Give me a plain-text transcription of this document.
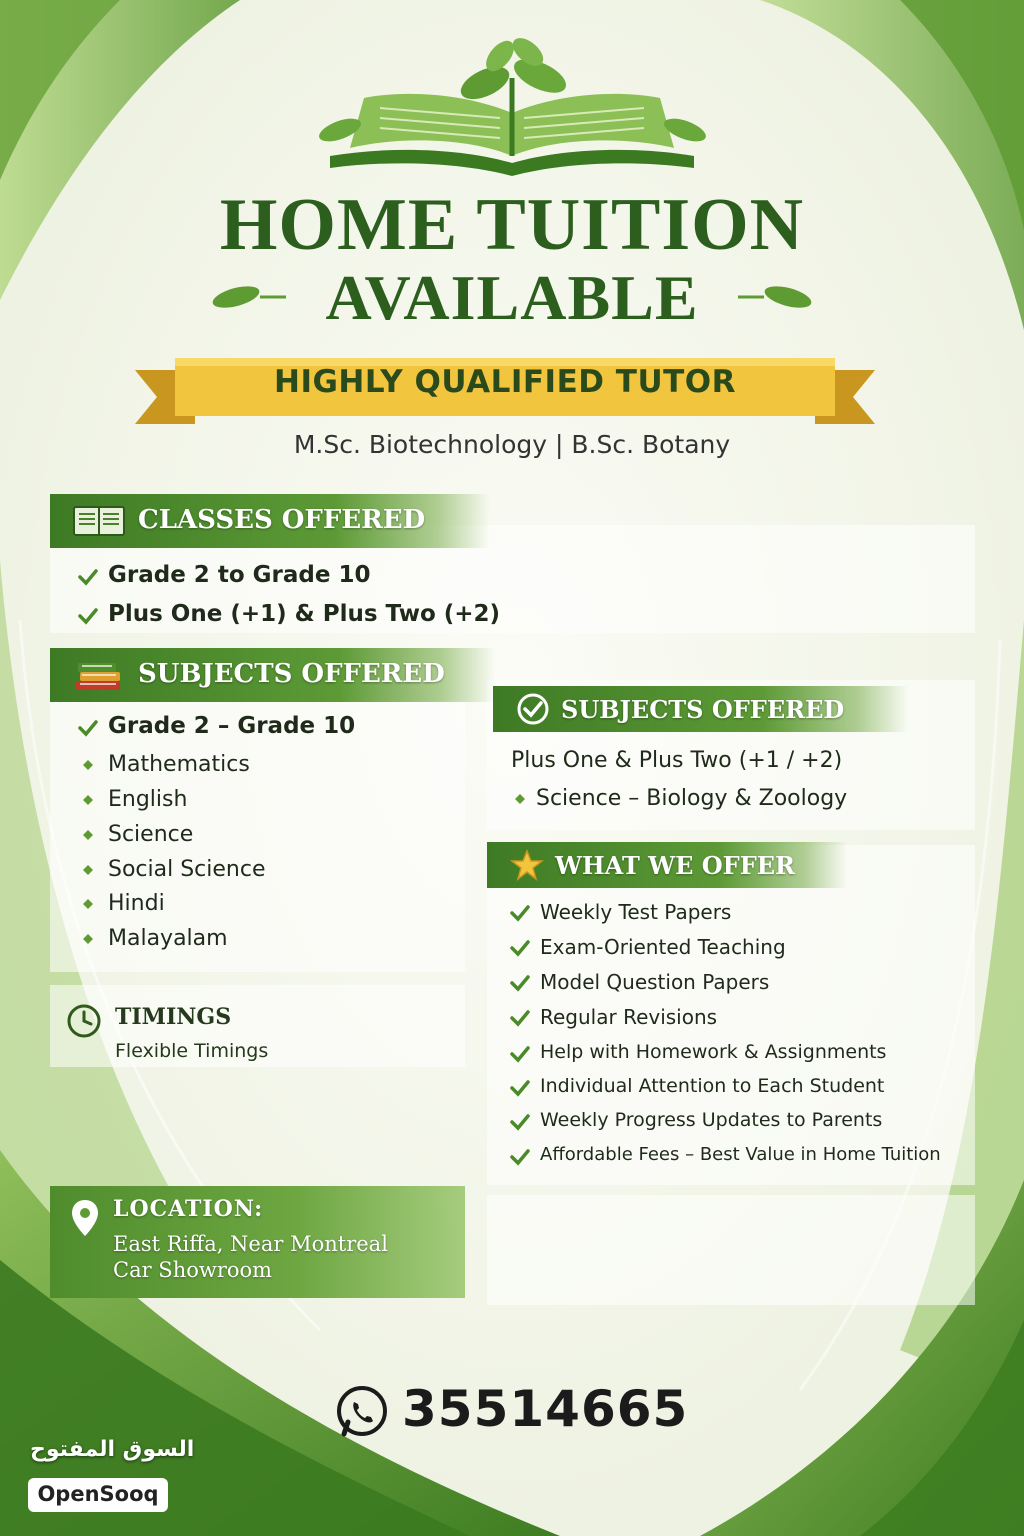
HOME TUITION
AVAILABLE
HIGHLY QUALIFIED TUTOR
M.Sc. Biotechnology | B.Sc. Botany
CLASSES OFFERED
Grade 2 to Grade 10
Plus One (+1) & Plus Two (+2)
SUBJECTS OFFERED
Grade 2 – Grade 10
Mathematics
English
Science
Social Science
Hindi
Malayalam
SUBJECTS OFFERED
Plus One & Plus Two (+1 / +2)
Science – Biology & Zoology
WHAT WE OFFER
Weekly Test Papers
Exam-Oriented Teaching
Model Question Papers
Regular Revisions
Help with Homework & Assignments
Individual Attention to Each Student
Weekly Progress Updates to Parents
Affordable Fees – Best Value in Home Tuition
TIMINGS
Flexible Timings
LOCATION:
East Riffa, Near Montreal
Car Showroom
35514665
السوق المفتوح
OpenSooq
